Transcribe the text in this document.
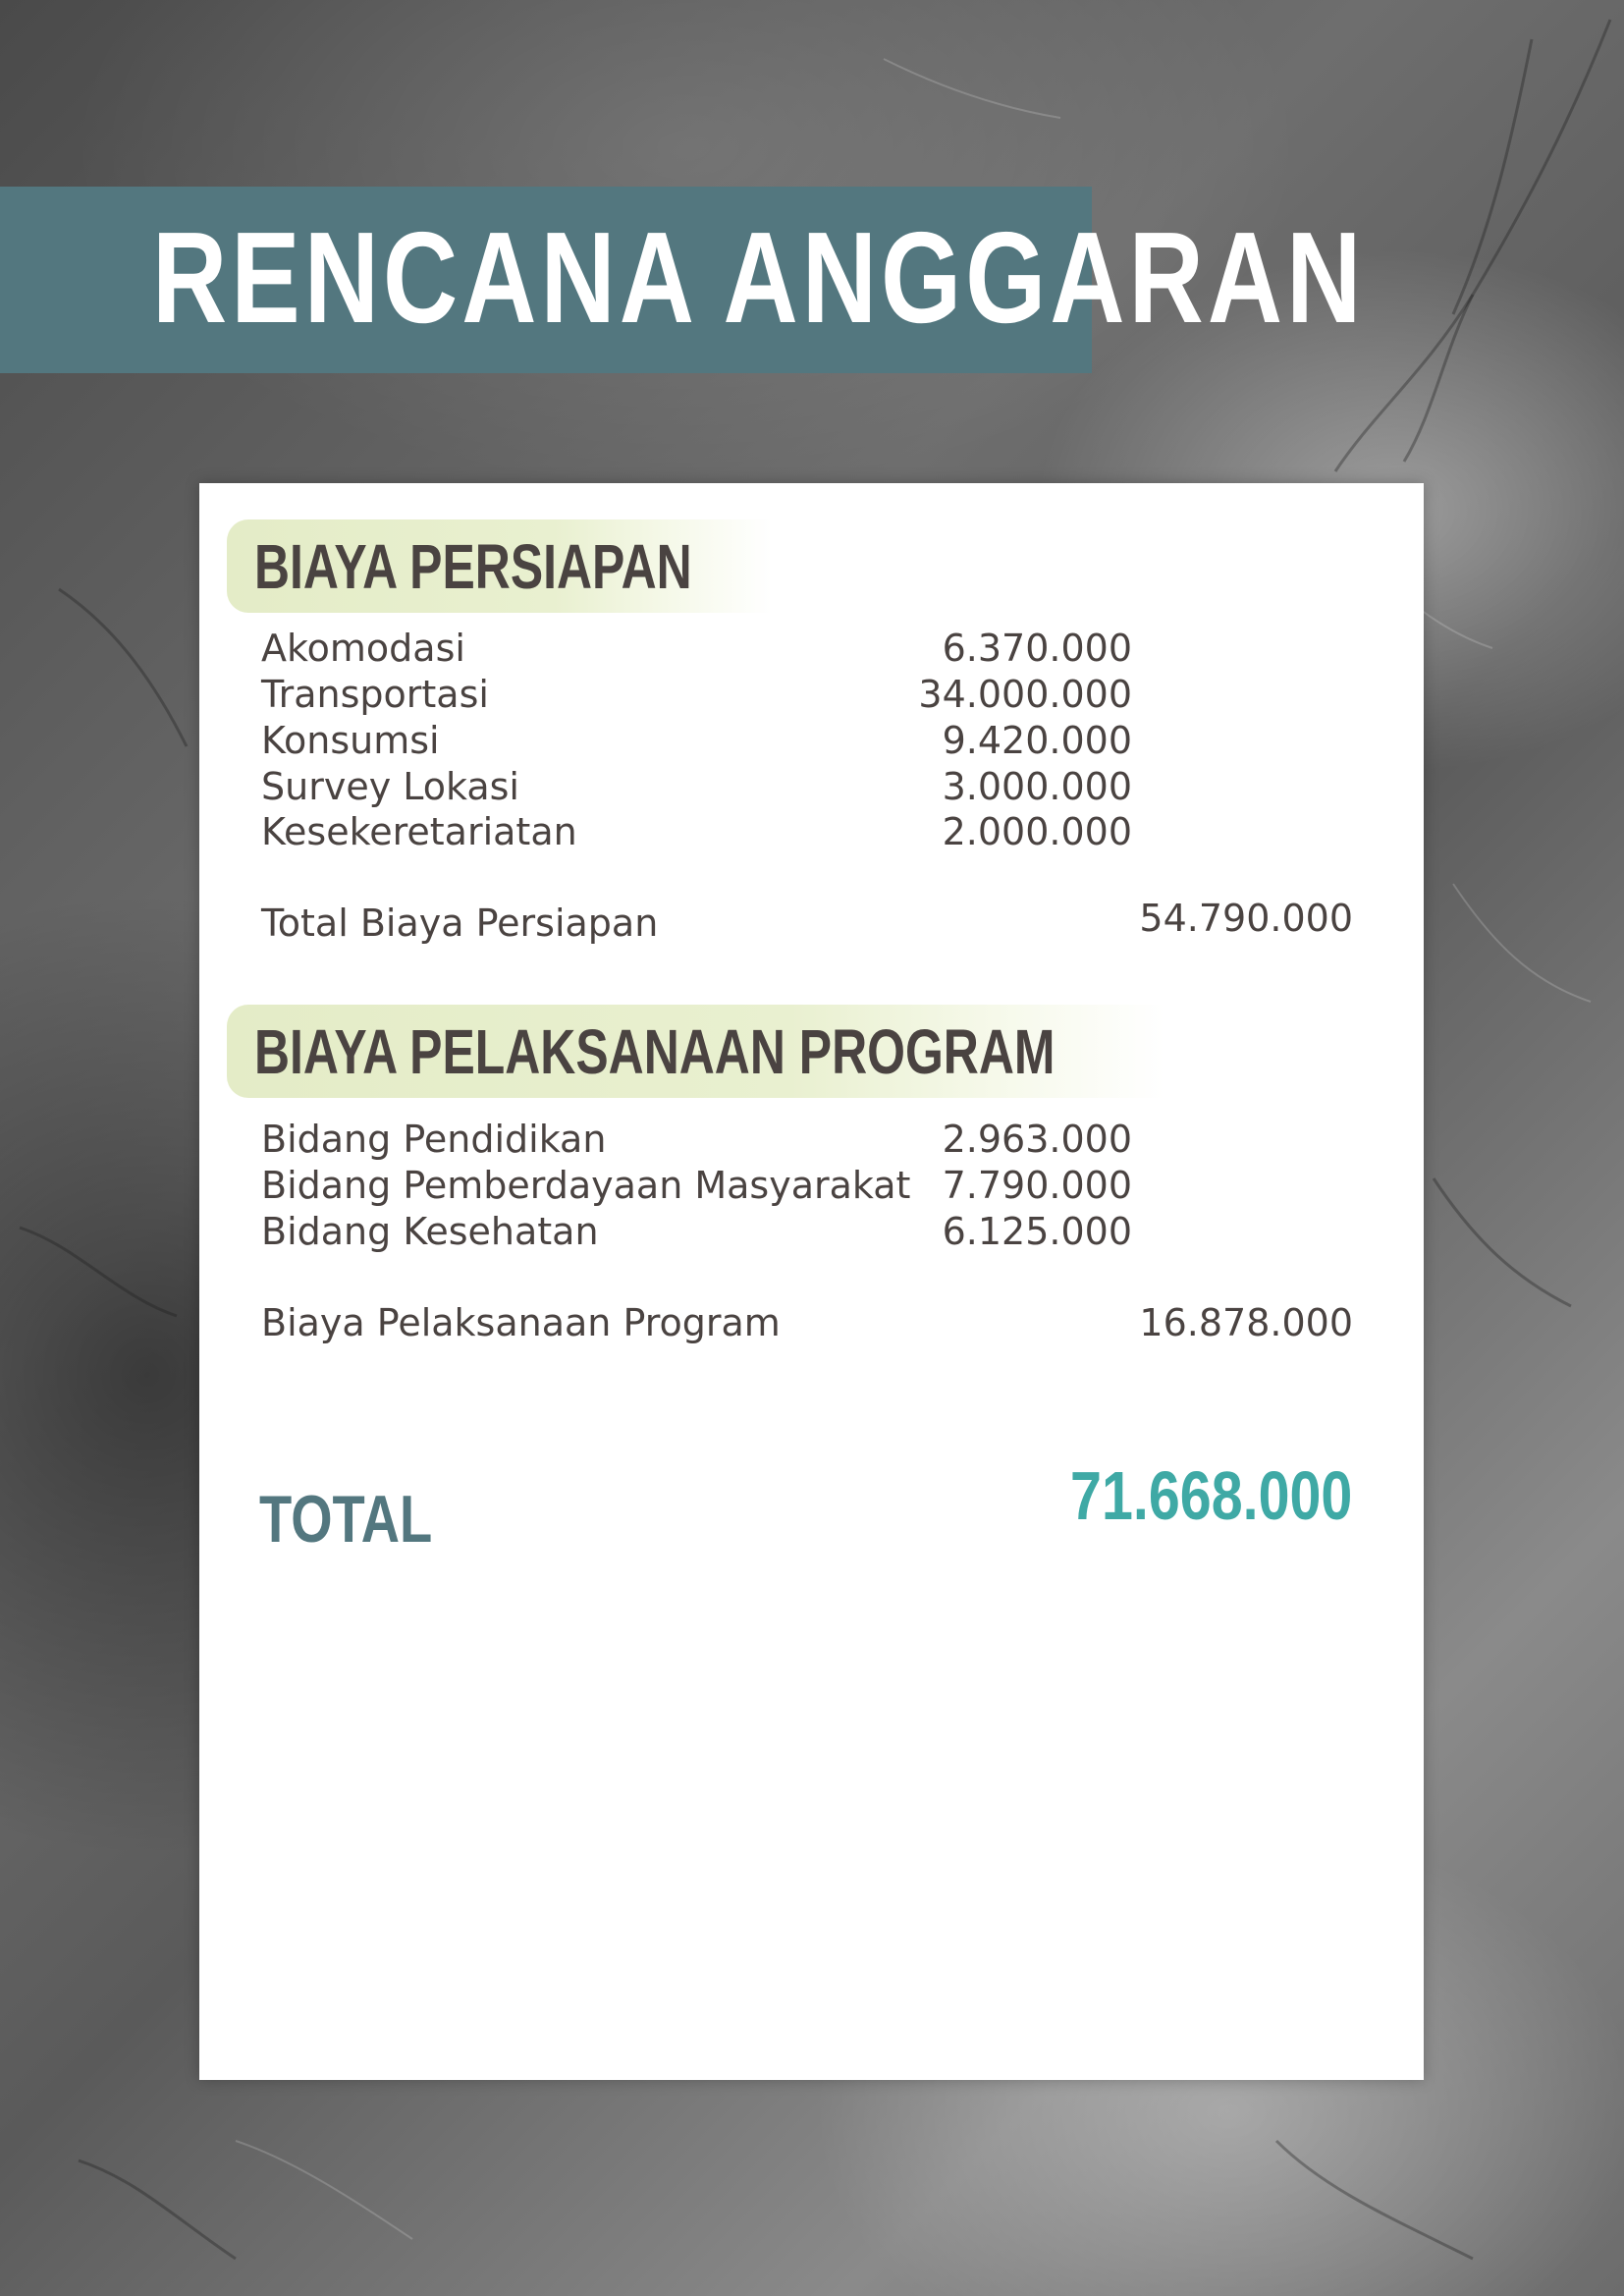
RENCANA ANGGARAN
BIAYA PERSIAPAN
Akomodasi	6.370.000
Transportasi	34.000.000
Konsumsi	9.420.000
Survey Lokasi	3.000.000
Kesekeretariatan	2.000.000
Total Biaya Persiapan	54.790.000
BIAYA PELAKSANAAN PROGRAM
Bidang Pendidikan	2.963.000
Bidang Pemberdayaan Masyarakat 7.790.000
Bidang Kesehatan	6.125.000
Biaya Pelaksanaan Program	16.878.000
TOTAL	71.668.000
